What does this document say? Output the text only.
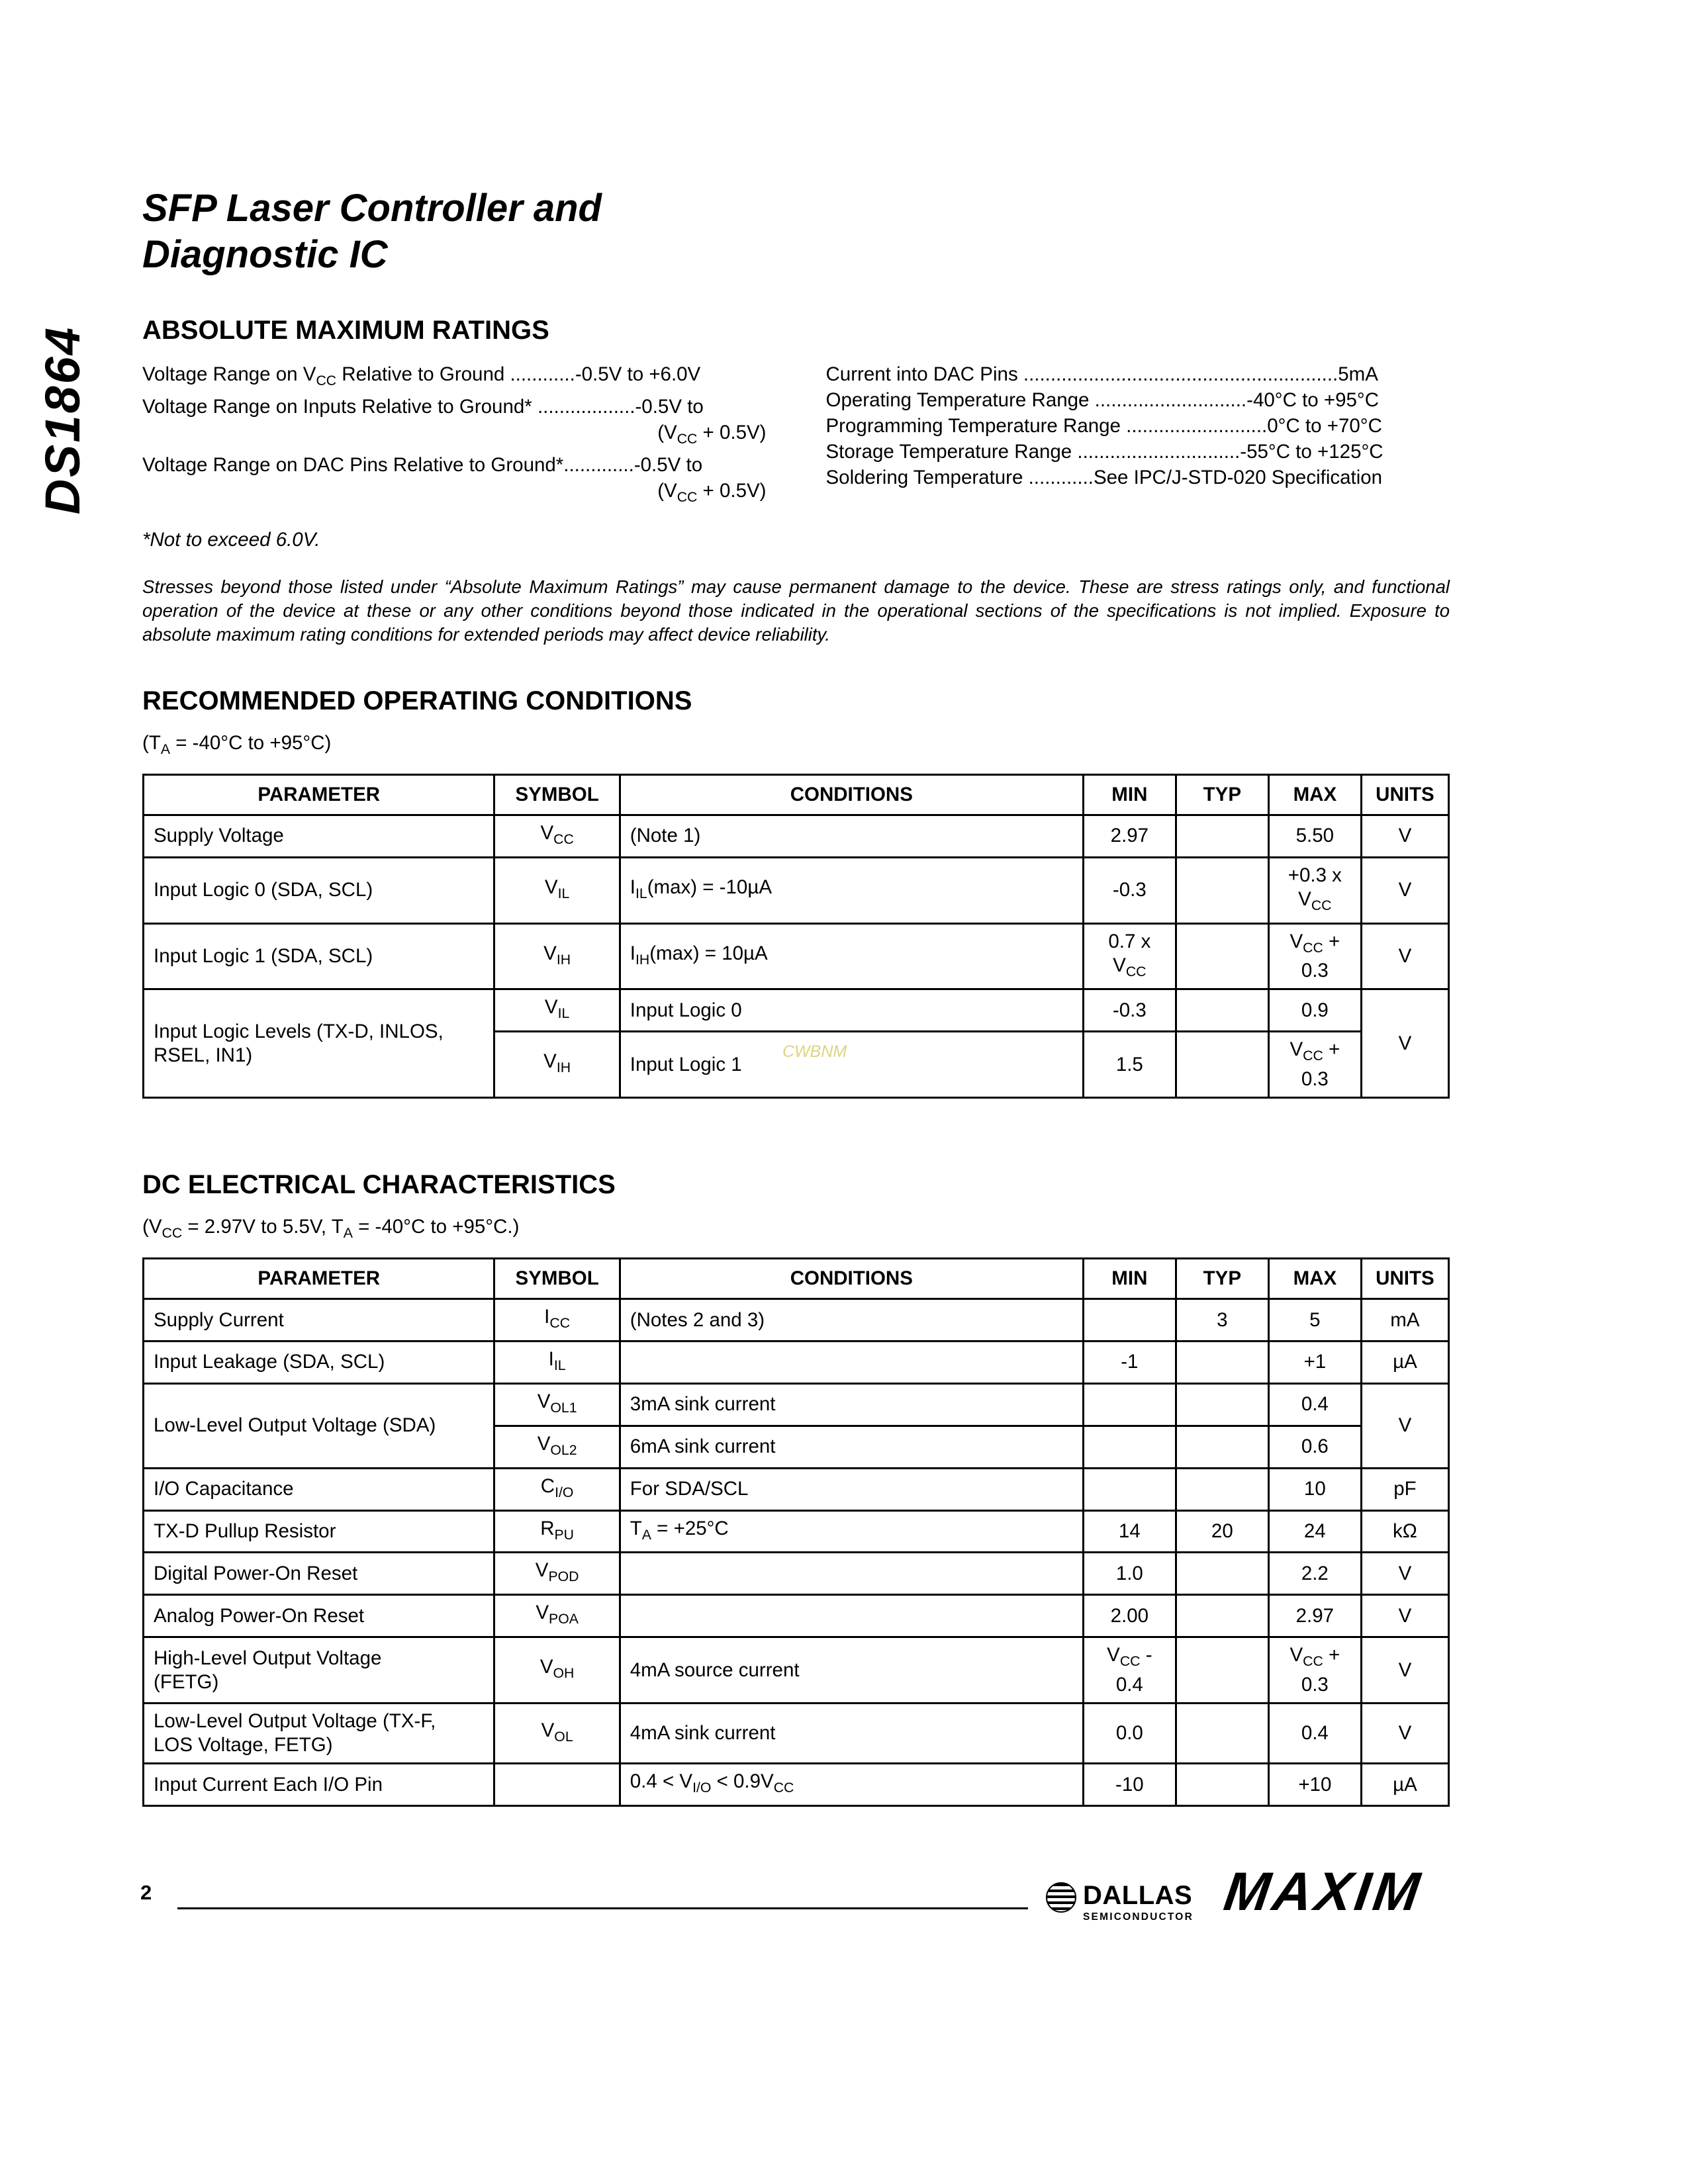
DS1864
SFP Laser Controller and
Diagnostic IC
ABSOLUTE MAXIMUM RATINGS
Voltage Range on $V_{CC}$ Relative to Ground ............-0.5V to +6.0V
Voltage Range on Inputs Relative to Ground* ..................-0.5V to
$(V_{CC} + 0.5V)$
Voltage Range on DAC Pins Relative to Ground*.............-0.5V to
$(V_{CC} + 0.5V)$
Current into DAC Pins ..........................................................5mA
Operating Temperature Range ............................-40°C to +95°C
Programming Temperature Range ..........................0°C to +70°C
Storage Temperature Range ..............................-55°C to +125°C
Soldering Temperature ............See IPC/J-STD-020 Specification
*Not to exceed 6.0V.
Stresses beyond those listed under “Absolute Maximum Ratings” may cause permanent damage to the device. These are stress ratings only, and functional operation of the device at these or any other conditions beyond those indicated in the operational sections of the specifications is not implied. Exposure to absolute maximum rating conditions for extended periods may affect device reliability.
RECOMMENDED OPERATING CONDITIONS
($T_A = -40^\circ C$ to +95°C)
PARAMETER	SYMBOL	CONDITIONS	MIN	TYP	MAX	UNITS
Supply Voltage	$V_{CC}$	(Note 1)	2.97		5.50	V
Input Logic 0 (SDA, SCL)	$V_{IL}$	$I_{IL}(\max) = -10\mu A$	-0.3		+0.3 x
$V_{CC}$	V
Input Logic 1 (SDA, SCL)	$V_{IH}$	$I_{IH}(\max) = 10\mu A$	0.7 x
$V_{CC}$		$V_{CC}$ +
0.3	V
Input Logic Levels (TX-D, INLOS,
RSEL, IN1)	$V_{IL}$	Input Logic 0	-0.3		0.9	V
	$V_{IH}$	Input Logic 1	1.5		$V_{CC}$ +
0.3	
DC ELECTRICAL CHARACTERISTICS
($V_{CC} = 2.97V$ to 5.5V, $T_A = -40^\circ C$ to +95°C.)
PARAMETER	SYMBOL	CONDITIONS	MIN	TYP	MAX	UNITS
Supply Current	$I_{CC}$	(Notes 2 and 3)		3	5	mA
Input Leakage (SDA, SCL)	$I_{IL}$		-1		+1	µA
Low-Level Output Voltage (SDA)	$V_{OL1}$	3mA sink current			0.4	V
	$V_{OL2}$	6mA sink current			0.6	
I/O Capacitance	$C_{I/O}$	For SDA/SCL			10	pF
TX-D Pullup Resistor	$R_{PU}$	$T_A = +25^\circ C$	14	20	24	kΩ
Digital Power-On Reset	$V_{POD}$		1.0		2.2	V
Analog Power-On Reset	$V_{POA}$		2.00		2.97	V
High-Level Output Voltage
(FETG)	$V_{OH}$	4mA source current	$V_{CC}$ -
0.4		$V_{CC}$ +
0.3	V
Low-Level Output Voltage (TX-F,
LOS Voltage, FETG)	$V_{OL}$	4mA sink current	0.0		0.4	V
Input Current Each I/O Pin		$0.4 < V_{I/O} < 0.9V_{CC}$	-10		+10	µA
CWBNM
2	DALLAS
SEMICONDUCTOR MAXIM
